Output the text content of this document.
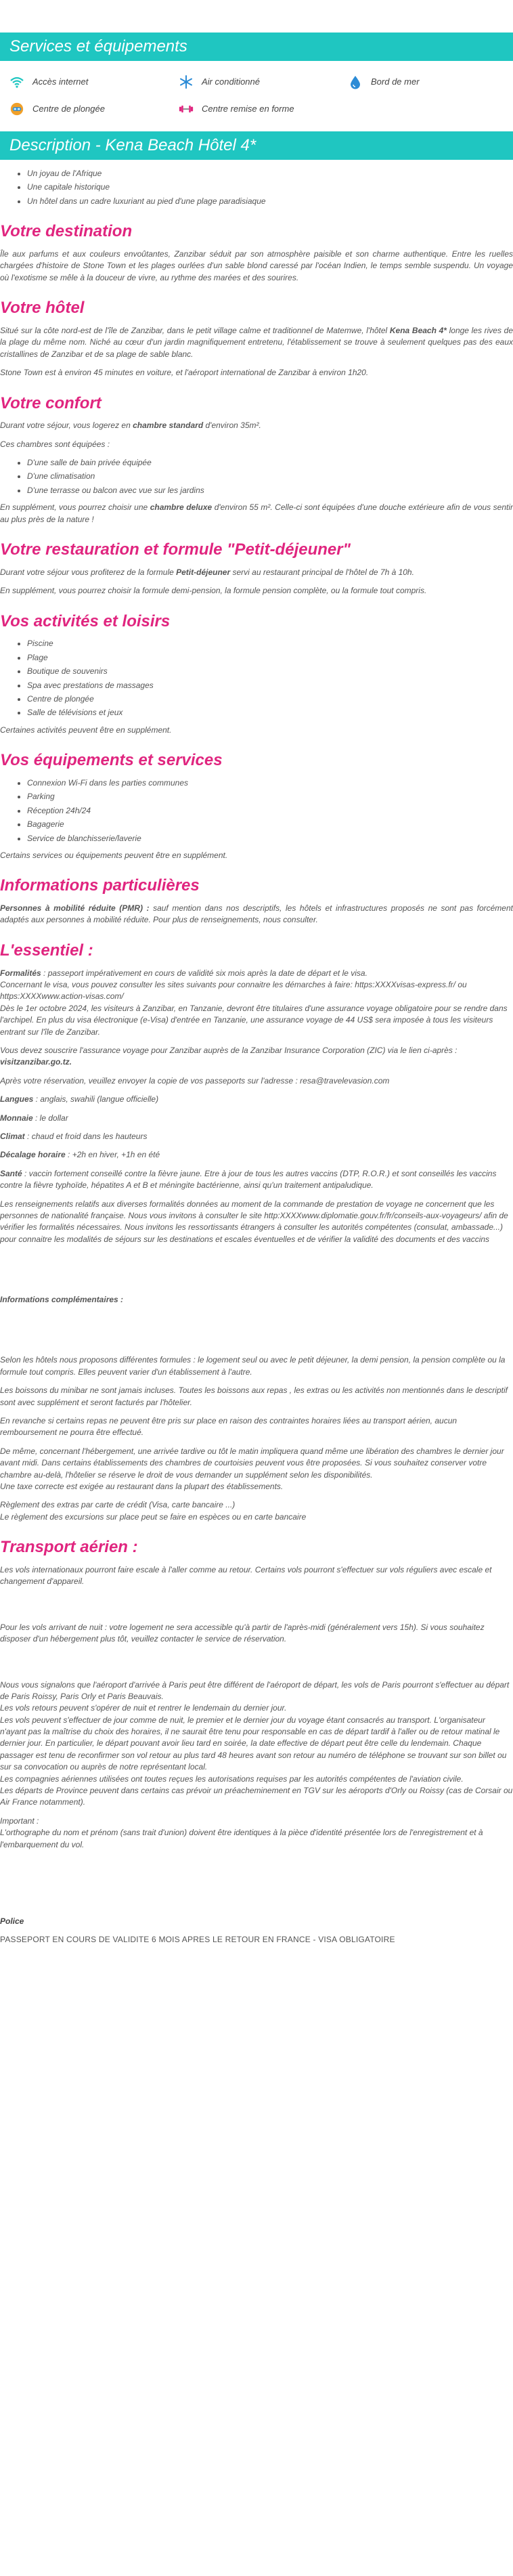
Services et équipements
Accès internet	Air conditionné	Bord de mer
Centre de plongée	Centre remise en forme
Description - Kena Beach Hôtel 4*
• Un joyau de l'Afrique
• Une capitale historique
• Un hôtel dans un cadre luxuriant au pied d'une plage paradisiaque
Votre destination

Île aux parfums et aux couleurs envoûtantes, Zanzibar séduit par son atmosphère paisible et son charme authentique. Entre les ruelles chargées d'histoire de Stone Town et les plages ourlées d'un sable blond caressé par l'océan Indien, le temps semble suspendu. Un voyage où l'exotisme se mêle à la douceur de vivre, au rythme des marées et des sourires.

Votre hôtel

Situé sur la côte nord-est de l'île de Zanzibar, dans le petit village calme et traditionnel de Matemwe, l'hôtel Kena Beach 4* longe les rives de la plage du même nom. Niché au cœur d'un jardin magnifiquement entretenu, l'établissement se trouve à seulement quelques pas des eaux cristallines de Zanzibar et de sa plage de sable blanc.

Stone Town est à environ 45 minutes en voiture, et l'aéroport international de Zanzibar à environ 1h20.

Votre confort

Durant votre séjour, vous logerez en chambre standard d'environ 35m².

Ces chambres sont équipées :

• D'une salle de bain privée équipée
• D'une climatisation
• D'une terrasse ou balcon avec vue sur les jardins

En supplément, vous pourrez choisir une chambre deluxe d'environ 55 m². Celle-ci sont équipées d'une douche extérieure afin de vous sentir au plus près de la nature !

Votre restauration et formule "Petit-déjeuner"

Durant votre séjour vous profiterez de la formule Petit-déjeuner servi au restaurant principal de l'hôtel de 7h à 10h.

En supplément, vous pourrez choisir la formule demi-pension, la formule pension complète, ou la formule tout compris.

Vos activités et loisirs
• Piscine
• Plage
• Boutique de souvenirs
• Spa avec prestations de massages
• Centre de plongée
• Salle de télévisions et jeux

Certaines activités peuvent être en supplément.

Vos équipements et services
• Connexion Wi-Fi dans les parties communes
• Parking
• Réception 24h/24
• Bagagerie
• Service de blanchisserie/laverie

Certains services ou équipements peuvent être en supplément.

Informations particulières

Personnes à mobilité réduite (PMR) : sauf mention dans nos descriptifs, les hôtels et infrastructures proposés ne sont pas forcément adaptés aux personnes à mobilité réduite. Pour plus de renseignements, nous consulter.

L'essentiel :

Formalités : passeport impérativement en cours de validité six mois après la date de départ et le visa.
Concernant le visa, vous pouvez consulter les sites suivants pour connaitre les démarches à faire: https:XXXXvisas-express.fr/ ou https:XXXXwww.action-visas.com/
Dès le 1er octobre 2024, les visiteurs à Zanzibar, en Tanzanie, devront être titulaires d'une assurance voyage obligatoire pour se rendre dans l'archipel. En plus du visa électronique (e-Visa) d'entrée en Tanzanie, une assurance voyage de 44 US$ sera imposée à tous les visiteurs entrant sur l'île de Zanzibar.

Vous devez souscrire l'assurance voyage pour Zanzibar auprès de la Zanzibar Insurance Corporation (ZIC) via le lien ci-après : visitzanzibar.go.tz.

Après votre réservation, veuillez envoyer la copie de vos passeports sur l'adresse : resa@travelevasion.com

Langues : anglais, swahili (langue officielle)

Monnaie : le dollar

Climat : chaud et froid dans les hauteurs

Décalage horaire : +2h en hiver, +1h en été

Santé : vaccin fortement conseillé contre la fièvre jaune. Etre à jour de tous les autres vaccins (DTP, R.O.R.) et sont conseillés les vaccins contre la fièvre typhoïde, hépatites A et B et méningite bactérienne, ainsi qu'un traitement antipaludique.

Les renseignements relatifs aux diverses formalités données au moment de la commande de prestation de voyage ne concernent que les personnes de nationalité française. Nous vous invitons à consulter le site http:XXXXwww.diplomatie.gouv.fr/fr/conseils-aux-voyageurs/ afin de vérifier les formalités nécessaires. Nous invitons les ressortissants étrangers à consulter les autorités compétentes (consulat, ambassade...) pour connaitre les modalités de séjours sur les destinations et escales éventuelles et de vérifier la validité des documents et des vaccins

Informations complémentaires :

Selon les hôtels nous proposons différentes formules : le logement seul ou avec le petit déjeuner, la demi pension, la pension complète ou la formule tout compris. Elles peuvent varier d'un établissement à l'autre.

Les boissons du minibar ne sont jamais incluses. Toutes les boissons aux repas , les extras ou les activités non mentionnés dans le descriptif sont avec supplément et seront facturés par l'hôtelier.

En revanche si certains repas ne peuvent être pris sur place en raison des contraintes horaires liées au transport aérien, aucun remboursement ne pourra être effectué.

De même, concernant l'hébergement, une arrivée tardive ou tôt le matin impliquera quand même une libération des chambres le dernier jour avant midi. Dans certains établissements des chambres de courtoisies peuvent vous être proposées. Si vous souhaitez conserver votre chambre au-delà, l'hôtelier se réserve le droit de vous demander un supplément selon les disponibilités.
Une taxe correcte est exigée au restaurant dans la plupart des établissements.

Règlement des extras par carte de crédit (Visa, carte bancaire ...)
Le règlement des excursions sur place peut se faire en espèces ou en carte bancaire

Transport aérien :

Les vols internationaux pourront faire escale à l'aller comme au retour. Certains vols pourront s'effectuer sur vols réguliers avec escale et changement d'appareil.

Pour les vols arrivant de nuit : votre logement ne sera accessible qu'à partir de l'après-midi (généralement vers 15h). Si vous souhaitez disposer d'un hébergement plus tôt, veuillez contacter le service de réservation.

Nous vous signalons que l'aéroport d'arrivée à Paris peut être différent de l'aéroport de départ, les vols de Paris pourront s'effectuer au départ de Paris Roissy, Paris Orly et Paris Beauvais.
Les vols retours peuvent s'opérer de nuit et rentrer le lendemain du dernier jour.
Les vols peuvent s'effectuer de jour comme de nuit, le premier et le dernier jour du voyage étant consacrés au transport. L'organisateur n'ayant pas la maîtrise du choix des horaires, il ne saurait être tenu pour responsable en cas de départ tardif à l'aller ou de retour matinal le dernier jour. En particulier, le départ pouvant avoir lieu tard en soirée, la date effective de départ peut être celle du lendemain. Chaque passager est tenu de reconfirmer son vol retour au plus tard 48 heures avant son retour au numéro de téléphone se trouvant sur son billet ou sur sa convocation ou auprès de notre représentant local.
Les compagnies aériennes utilisées ont toutes reçues les autorisations requises par les autorités compétentes de l'aviation civile.
Les départs de Province peuvent dans certains cas prévoir un préacheminement en TGV sur les aéroports d'Orly ou Roissy (cas de Corsair ou Air France notamment).

Important :
L'orthographe du nom et prénom (sans trait d'union) doivent être identiques à la pièce d'identité présentée lors de l'enregistrement et à l'embarquement du vol.

Police

PASSEPORT EN COURS DE VALIDITE 6 MOIS APRES LE RETOUR EN FRANCE - VISA OBLIGATOIRE
